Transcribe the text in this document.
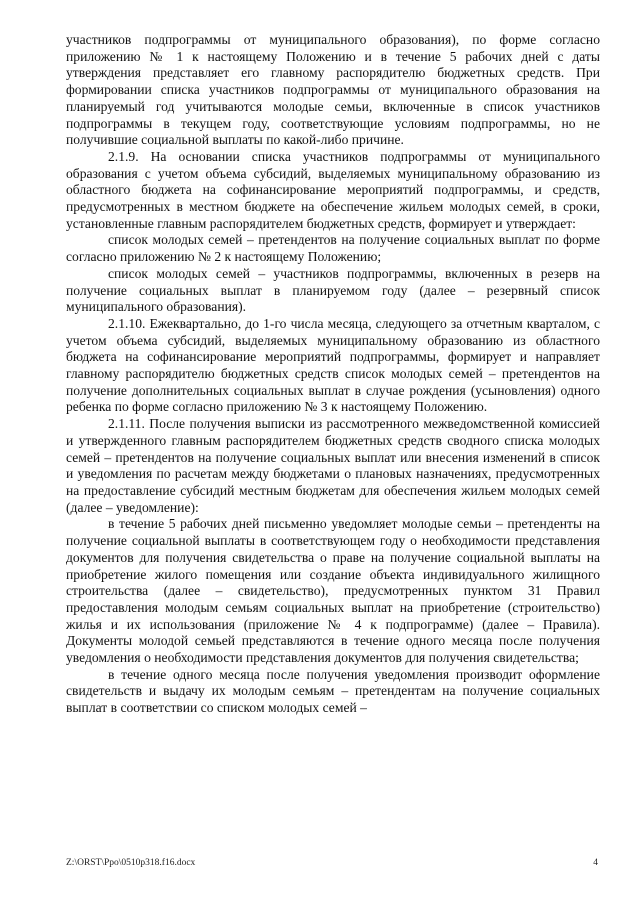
участников подпрограммы от муниципального образования), по форме согласно приложению № 1 к настоящему Положению и в течение 5 рабочих дней с даты утверждения представляет его главному распорядителю бюджетных средств. При формировании списка участников подпрограммы от муниципального образования на планируемый год учитываются молодые семьи, включенные в список участников подпрограммы в текущем году, соответствующие условиям подпрограммы, но не получившие социальной выплаты по какой-либо причине.

2.1.9. На основании списка участников подпрограммы от муниципального образования с учетом объема субсидий, выделяемых муниципальному образованию из областного бюджета на софинансирование мероприятий подпрограммы, и средств, предусмотренных в местном бюджете на обеспечение жильем молодых семей, в сроки, установленные главным распорядителем бюджетных средств, формирует и утверждает:

список молодых семей – претендентов на получение социальных выплат по форме согласно приложению № 2 к настоящему Положению;

список молодых семей – участников подпрограммы, включенных в резерв на получение социальных выплат в планируемом году (далее – резервный список муниципального образования).

2.1.10. Ежеквартально, до 1-го числа месяца, следующего за отчетным кварталом, с учетом объема субсидий, выделяемых муниципальному образованию из областного бюджета на софинансирование мероприятий подпрограммы, формирует и направляет главному распорядителю бюджетных средств список молодых семей – претендентов на получение дополнительных социальных выплат в случае рождения (усыновления) одного ребенка по форме согласно приложению № 3 к настоящему Положению.

2.1.11. После получения выписки из рассмотренного межведомственной комиссией и утвержденного главным распорядителем бюджетных средств сводного списка молодых семей – претендентов на получение социальных выплат или внесения изменений в список и уведомления по расчетам между бюджетами о плановых назначениях, предусмотренных на предоставление субсидий местным бюджетам для обеспечения жильем молодых семей (далее – уведомление):

в течение 5 рабочих дней письменно уведомляет молодые семьи – претенденты на получение социальной выплаты в соответствующем году о необходимости представления документов для получения свидетельства о праве на получение социальной выплаты на приобретение жилого помещения или создание объекта индивидуального жилищного строительства (далее – свидетельство), предусмотренных пунктом 31 Правил предоставления молодым семьям социальных выплат на приобретение (строительство) жилья и их использования (приложение № 4 к подпрограмме) (далее – Правила). Документы молодой семьей представляются в течение одного месяца после получения уведомления о необходимости представления документов для получения свидетельства;

в течение одного месяца после получения уведомления производит оформление свидетельств и выдачу их молодым семьям – претендентам на получение социальных выплат в соответствии со списком молодых семей –

Z:\ORST\Ppo\0510p318.f16.docx	4
